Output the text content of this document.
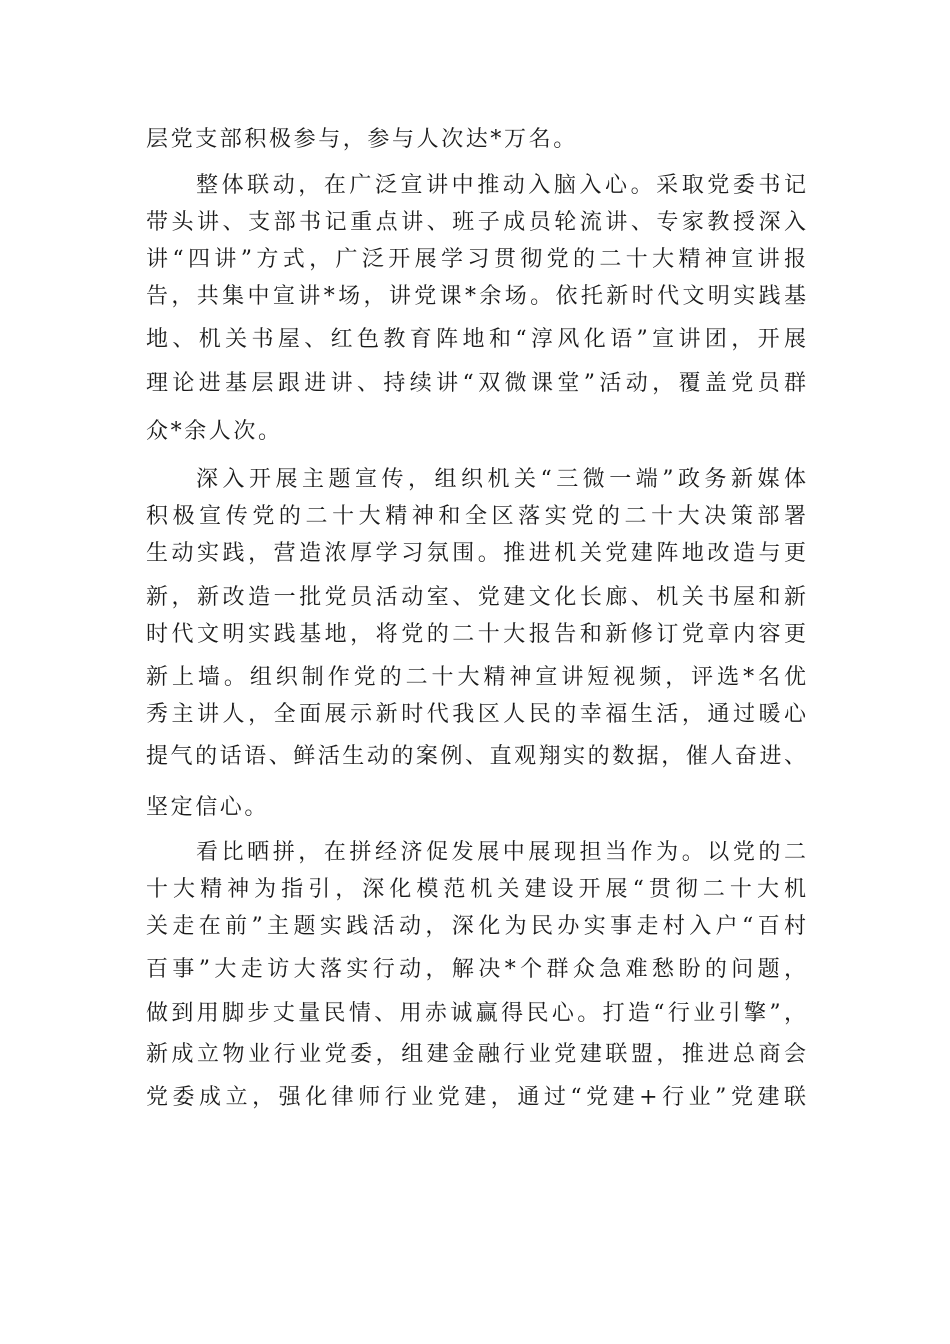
层党支部积极参与，参与人次达*万名。
整体联动，在广泛宣讲中推动入脑入心。采取党委书记
带头讲、支部书记重点讲、班子成员轮流讲、专家教授深入
讲“四讲”方式，广泛开展学习贯彻党的二十大精神宣讲报
告，共集中宣讲*场，讲党课*余场。依托新时代文明实践基
地、机关书屋、红色教育阵地和“淳风化语”宣讲团，开展
理论进基层跟进讲、持续讲“双微课堂”活动，覆盖党员群
众*余人次。
深入开展主题宣传，组织机关“三微一端”政务新媒体
积极宣传党的二十大精神和全区落实党的二十大决策部署
生动实践，营造浓厚学习氛围。推进机关党建阵地改造与更
新，新改造一批党员活动室、党建文化长廊、机关书屋和新
时代文明实践基地，将党的二十大报告和新修订党章内容更
新上墙。组织制作党的二十大精神宣讲短视频，评选*名优
秀主讲人，全面展示新时代我区人民的幸福生活，通过暖心
提气的话语、鲜活生动的案例、直观翔实的数据，催人奋进、
坚定信心。
看比晒拼，在拼经济促发展中展现担当作为。以党的二
十大精神为指引，深化模范机关建设开展“贯彻二十大机
关走在前”主题实践活动，深化为民办实事走村入户“百村
百事”大走访大落实行动，解决*个群众急难愁盼的问题，
做到用脚步丈量民情、用赤诚赢得民心。打造“行业引擎”，
新成立物业行业党委，组建金融行业党建联盟，推进总商会
党委成立，强化律师行业党建，通过“党建+行业”党建联
